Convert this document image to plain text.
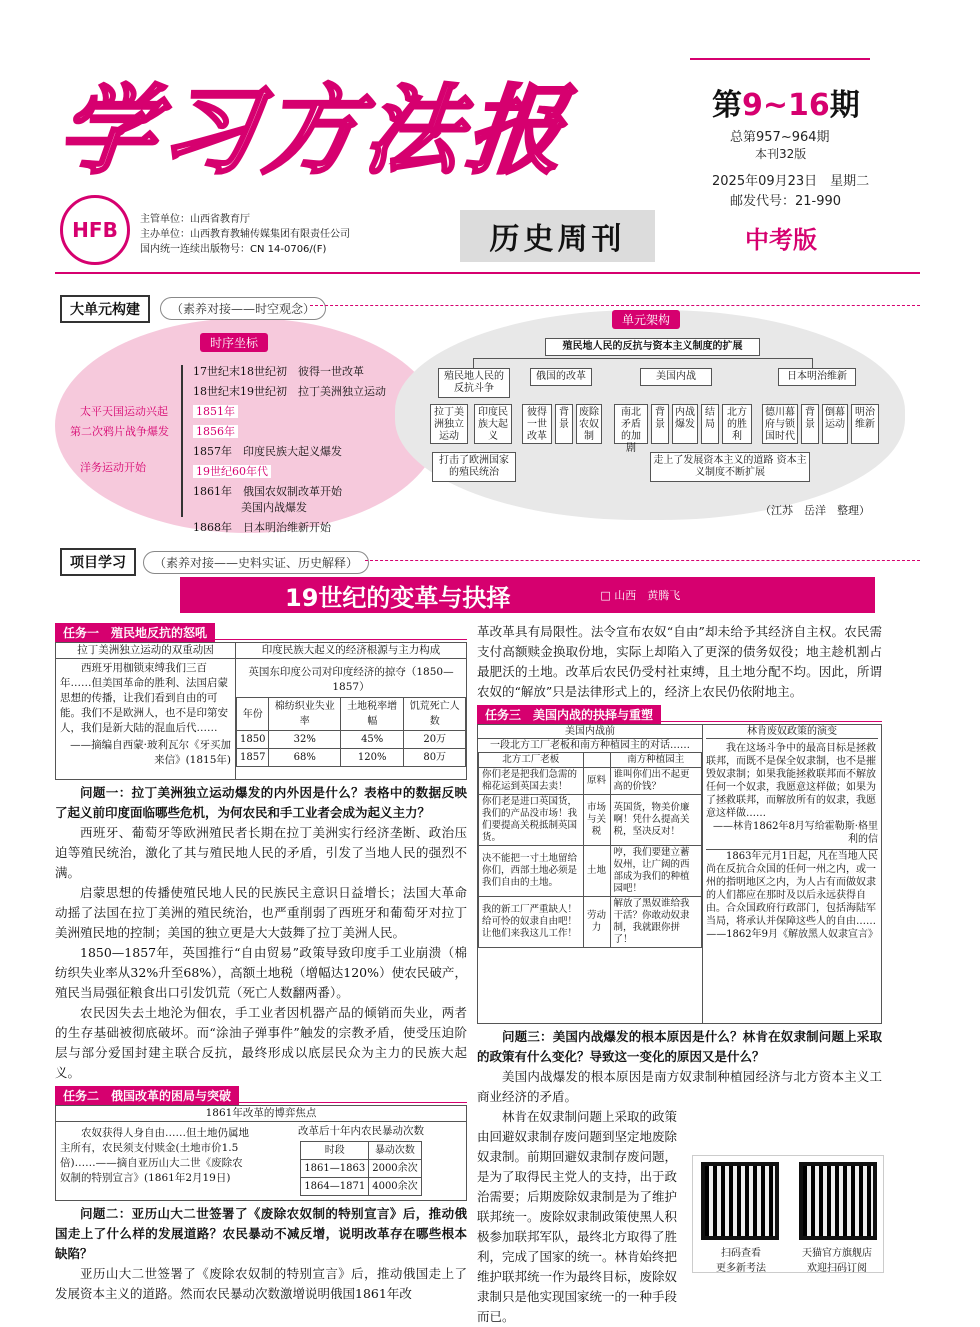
学习方法报	第9~16期
总第957~964期
本刊32版
2025年09月23日　星期二
邮发代号：21-990
HFB	主管单位：山西省教育厅
主办单位：山西教育教辅传媒集团有限责任公司
国内统一连续出版物号：CN 14-0706/(F)	历史周刊	中考版
大单元构建	（素养对接——时空观念）
时序坐标
17世纪末18世纪初　彼得一世改革
18世纪末19世纪初　拉丁美洲独立运动
1851年
1856年
1857年　印度民族大起义爆发
19世纪60年代
1861年　俄国农奴制改革开始
美国内战爆发
1868年　日本明治维新开始
太平天国运动兴起
第二次鸦片战争爆发
洋务运动开始
单元架构
殖民地人民的反抗与资本主义制度的扩展
殖民地人民的反抗斗争
俄国的改革	美国内战	日本明治维新
拉丁美洲独立运动
印度民族大起义
彼得一世改革
背景
废除农奴制
南北矛盾的加剧
背景
内战爆发
结局
北方的胜利
德川幕府与锁国时代
背景
倒幕运动
明治维新
打击了欧洲国家的殖民统治
走上了发展资本主义的道路 资本主义制度不断扩展
（江苏　岳洋　整理）
项目学习	（素养对接——史料实证、历史解释）
19世纪的变革与抉择	□ 山西　黄腾飞
任务一　 殖民地反抗的怒吼
拉丁美洲独立运动的双重动因
西班牙用枷锁束缚我们三百年……但美国革命的胜利、法国启蒙思想的传播，让我们看到自由的可能。我们不是欧洲人，也不是印第安人，我们是新大陆的混血后代……
——摘编自西蒙·玻利瓦尔《牙买加来信》(1815年)
印度民族大起义的经济根源与主力构成
英国东印度公司对印度经济的掠夺（1850—1857）
年份	棉纺织业失业率	土地税率增幅	饥荒死亡人数
1850	32%	45%	20万
1857	68%	120%	80万
问题一：拉丁美洲独立运动爆发的内外因是什么？表格中的数据反映了起义前印度面临哪些危机，为何农民和手工业者会成为起义主力？
西班牙、葡萄牙等欧洲殖民者长期在拉丁美洲实行经济垄断、政治压迫等殖民统治，激化了其与殖民地人民的矛盾，引发了当地人民的强烈不满。
启蒙思想的传播使殖民地人民的民族民主意识日益增长；法国大革命动摇了法国在拉丁美洲的殖民统治，也严重削弱了西班牙和葡萄牙对拉丁美洲殖民地的控制；美国的独立更是大大鼓舞了拉丁美洲人民。
1850—1857年，英国推行“自由贸易”政策导致印度手工业崩溃（棉纺织失业率从32%升至68%），高额土地税（增幅达120%）使农民破产，殖民当局强征粮食出口引发饥荒（死亡人数翻两番）。
农民因失去土地沦为佃农，手工业者因机器产品的倾销而失业，两者的生存基础被彻底破坏。而“涂油子弹事件”触发的宗教矛盾，使受压迫阶层与部分爱国封建主联合反抗，最终形成以底层民众为主力的民族大起义。
任务二　 俄国改革的困局与突破
1861年改革的博弈焦点
农奴获得人身自由……但土地仍属地主所有，农民须支付赎金(土地市价1.5倍)……——摘自亚历山大二世《废除农奴制的特别宣言》(1861年2月19日)
改革后十年内农民暴动次数
时段	暴动次数
1861—1863	2000余次
1864—1871	4000余次
问题二：亚历山大二世签署了《废除农奴制的特别宣言》后，推动俄国走上了什么样的发展道路？农民暴动不减反增，说明改革存在哪些根本缺陷？
亚历山大二世签署了《废除农奴制的特别宣言》后，推动俄国走上了发展资本主义的道路。然而农民暴动次数激增说明俄国1861年改
革改革具有局限性。法令宣布农奴“自由”却未给予其经济自主权。农民需支付高额赎金换取份地，实际上却陷入了更深的债务奴役；地主趁机割占最肥沃的土地。改革后农民仍受村社束缚，且土地分配不均。因此，所谓农奴的“解放”只是法律形式上的，经济上农民仍依附地主。
任务三　 美国内战的抉择与重塑
美国内战前
一段北方工厂老板和南方种植园主的对话……
北方工厂老板		南方种植园主
你们老是把我们急需的棉花运到英国去卖！	原料	谁叫你们出不起更高的价钱？
你们老是进口英国货，我们的产品没市场！我们要提高关税抵制英国货。	市场与关税	英国货，物美价廉啊！凭什么提高关税，坚决反对！
决不能把一寸土地留给你们，西部土地必须是我们自由的土地。	土地	哼，我们要建立蓄奴州，让广阔的西部成为我们的种植园吧！
我的新工厂严重缺人！给可怜的奴隶自由吧！让他们来我这儿工作！	劳动力	解放了黑奴谁给我干活？你敢动奴隶制，我就跟你拼了！
林肯废奴政策的演变
我在这场斗争中的最高目标是拯救联邦，而既不是保全奴隶制，也不是摧毁奴隶制；如果我能拯救联邦而不解放任何一个奴隶，我愿意这样做；如果为了拯救联邦，而解放所有的奴隶，我愿意这样做……
——林肯1862年8月写给霍勒斯·格里利的信
1863年元月1日起，凡在当地人民尚在反抗合众国的任何一州之内，或一州的指明地区之内，为人占有而做奴隶的人们都应在那时及以后永远获得自由。合众国政府行政部门，包括海陆军当局，将承认并保障这些人的自由……
——1862年9月《解放黑人奴隶宣言》
问题三：美国内战爆发的根本原因是什么？林肯在奴隶制问题上采取的政策有什么变化？导致这一变化的原因又是什么？
美国内战爆发的根本原因是南方奴隶制种植园经济与北方资本主义工商业经济的矛盾。
林肯在奴隶制问题上采取的政策由回避奴隶制存废问题到坚定地废除奴隶制。前期回避奴隶制存废问题，是为了取得民主党人的支持，出于政治需要；后期废除奴隶制是为了维护联邦统一。废除奴隶制政策使黑人积极参加联邦军队，最终北方取得了胜利，完成了国家的统一。林肯始终把维护联邦统一作为最终目标，废除奴隶制只是他实现国家统一的一种手段而已。
扫码查看
更多新考法
天猫官方旗舰店
欢迎扫码订阅
